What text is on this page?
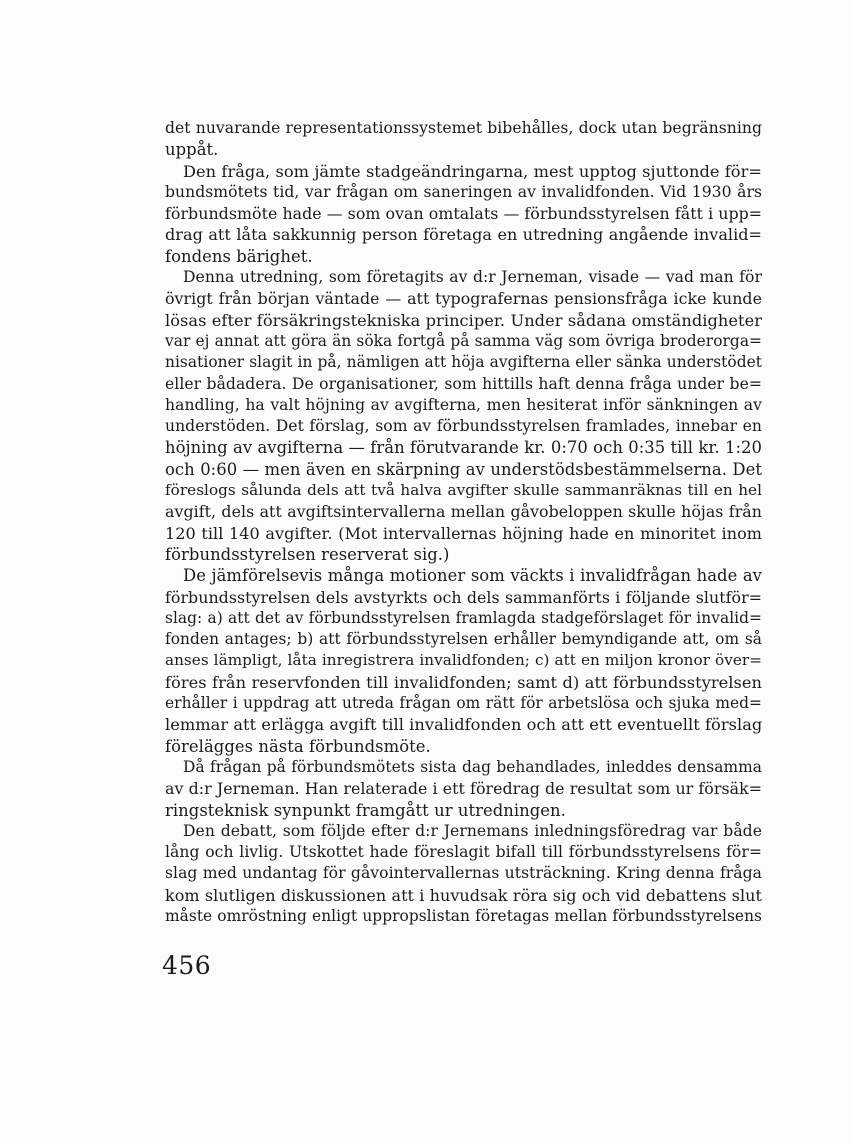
det nuvarande representationssystemet bibehålles, dock utan begränsning
uppåt.
Den fråga, som jämte stadgeändringarna, mest upptog sjuttonde för=
bundsmötets tid, var frågan om saneringen av invalidfonden. Vid 1930 års
förbundsmöte hade — som ovan omtalats — förbundsstyrelsen fått i upp=
drag att låta sakkunnig person företaga en utredning angående invalid=
fondens bärighet.
Denna utredning, som företagits av d:r Jerneman, visade — vad man för
övrigt från början väntade — att typografernas pensionsfråga icke kunde
lösas efter försäkringstekniska principer. Under sådana omständigheter
var ej annat att göra än söka fortgå på samma väg som övriga broderorga=
nisationer slagit in på, nämligen att höja avgifterna eller sänka understödet
eller bådadera. De organisationer, som hittills haft denna fråga under be=
handling, ha valt höjning av avgifterna, men hesiterat inför sänkningen av
understöden. Det förslag, som av förbundsstyrelsen framlades, innebar en
höjning av avgifterna — från förutvarande kr. 0:70 och 0:35 till kr. 1:20
och 0:60 — men även en skärpning av understödsbestämmelserna. Det
föreslogs sålunda dels att två halva avgifter skulle sammanräknas till en hel
avgift, dels att avgiftsintervallerna mellan gåvobeloppen skulle höjas från
120 till 140 avgifter. (Mot intervallernas höjning hade en minoritet inom
förbundsstyrelsen reserverat sig.)
De jämförelsevis många motioner som väckts i invalidfrågan hade av
förbundsstyrelsen dels avstyrkts och dels sammanförts i följande slutför=
slag: a) att det av förbundsstyrelsen framlagda stadgeförslaget för invalid=
fonden antages; b) att förbundsstyrelsen erhåller bemyndigande att, om så
anses lämpligt, låta inregistrera invalidfonden; c) att en miljon kronor över=
föres från reservfonden till invalidfonden; samt d) att förbundsstyrelsen
erhåller i uppdrag att utreda frågan om rätt för arbetslösa och sjuka med=
lemmar att erlägga avgift till invalidfonden och att ett eventuellt förslag
förelägges nästa förbundsmöte.
Då frågan på förbundsmötets sista dag behandlades, inleddes densamma
av d:r Jerneman. Han relaterade i ett föredrag de resultat som ur försäk=
ringsteknisk synpunkt framgått ur utredningen.
Den debatt, som följde efter d:r Jernemans inledningsföredrag var både
lång och livlig. Utskottet hade föreslagit bifall till förbundsstyrelsens för=
slag med undantag för gåvointervallernas utsträckning. Kring denna fråga
kom slutligen diskussionen att i huvudsak röra sig och vid debattens slut
måste omröstning enligt uppropslistan företagas mellan förbundsstyrelsens
456
